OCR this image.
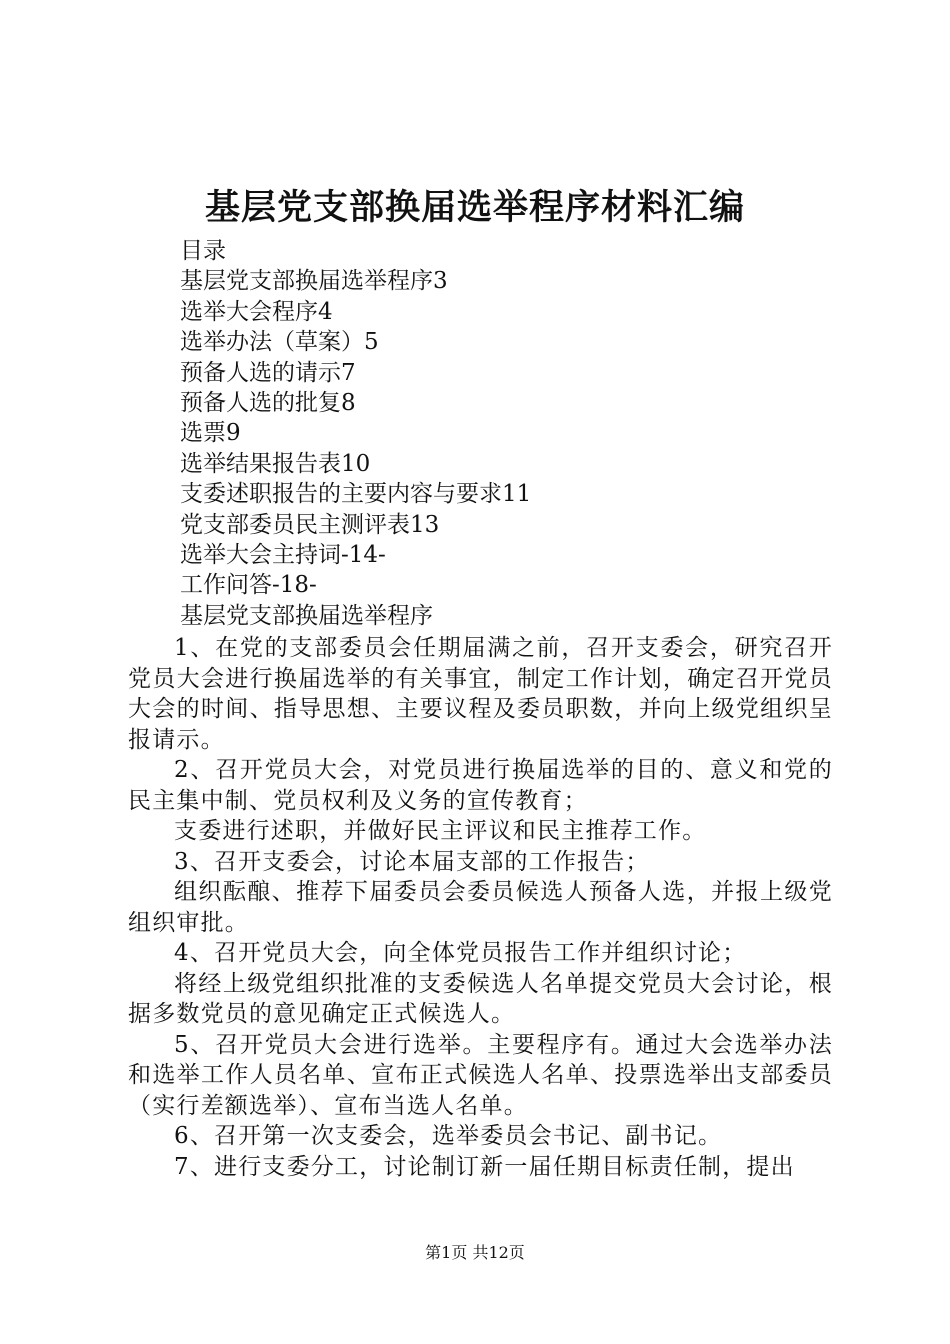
基层党支部换届选举程序材料汇编
目录
基层党支部换届选举程序3
选举大会程序4
选举办法（草案）5
预备人选的请示7
预备人选的批复8
选票9
选举结果报告表10
支委述职报告的主要内容与要求11
党支部委员民主测评表13
选举大会主持词-14-
工作问答-18-
基层党支部换届选举程序

1、在党的支部委员会任期届满之前，召开支委会，研究召开党员大会进行换届选举的有关事宜，制定工作计划，确定召开党员大会的时间、指导思想、主要议程及委员职数，并向上级党组织呈报请示。

2、召开党员大会，对党员进行换届选举的目的、意义和党的民主集中制、党员权利及义务的宣传教育；

支委进行述职，并做好民主评议和民主推荐工作。

3、召开支委会，讨论本届支部的工作报告；

组织酝酿、推荐下届委员会委员候选人预备人选，并报上级党组织审批。

4、召开党员大会，向全体党员报告工作并组织讨论；

将经上级党组织批准的支委候选人名单提交党员大会讨论，根据多数党员的意见确定正式候选人。

5、召开党员大会进行选举。主要程序有。通过大会选举办法和选举工作人员名单、宣布正式候选人名单、投票选举出支部委员（实行差额选举）、宣布当选人名单。

6、召开第一次支委会，选举委员会书记、副书记。

7、进行支委分工，讨论制订新一届任期目标责任制，提出

第1页 共12页
